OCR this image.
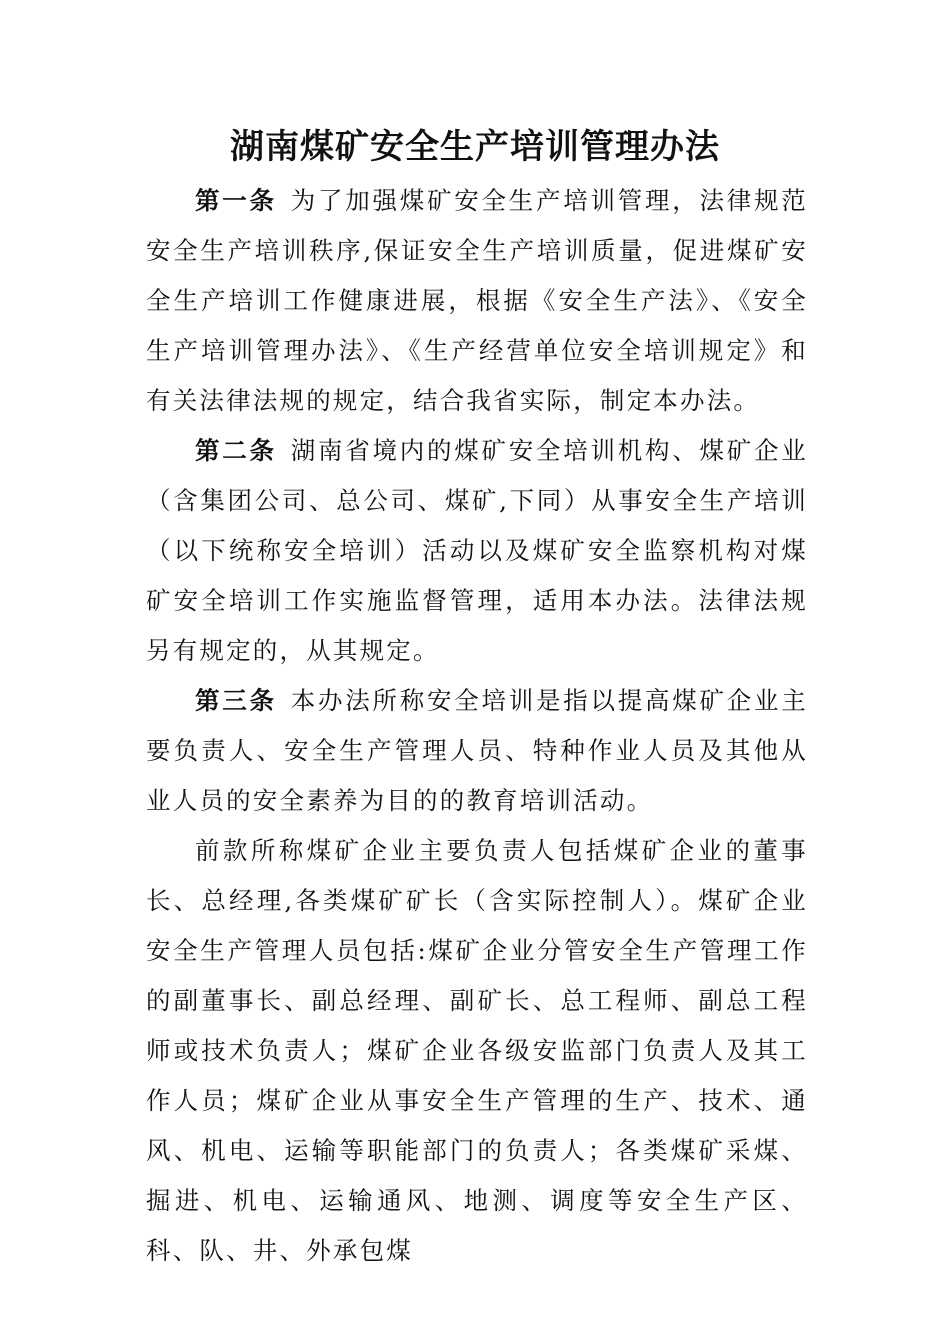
湖南煤矿安全生产培训管理办法

第一条 为了加强煤矿安全生产培训管理，法律规范安全生产培训秩序,保证安全生产培训质量，促进煤矿安全生产培训工作健康进展，根据《安全生产法》、《安全生产培训管理办法》、《生产经营单位安全培训规定》和有关法律法规的规定，结合我省实际，制定本办法。

第二条 湖南省境内的煤矿安全培训机构、煤矿企业（含集团公司、总公司、煤矿,下同）从事安全生产培训（以下统称安全培训）活动以及煤矿安全监察机构对煤矿安全培训工作实施监督管理，适用本办法。法律法规另有规定的，从其规定。

第三条 本办法所称安全培训是指以提高煤矿企业主要负责人、安全生产管理人员、特种作业人员及其他从业人员的安全素养为目的的教育培训活动。

前款所称煤矿企业主要负责人包括煤矿企业的董事长、总经理,各类煤矿矿长（含实际控制人）。煤矿企业安全生产管理人员包括:煤矿企业分管安全生产管理工作的副董事长、副总经理、副矿长、总工程师、副总工程师或技术负责人；煤矿企业各级安监部门负责人及其工作人员；煤矿企业从事安全生产管理的生产、技术、通风、机电、运输等职能部门的负责人；各类煤矿采煤、掘进、机电、运输通风、地测、调度等安全生产区、科、队、井、外承包煤
